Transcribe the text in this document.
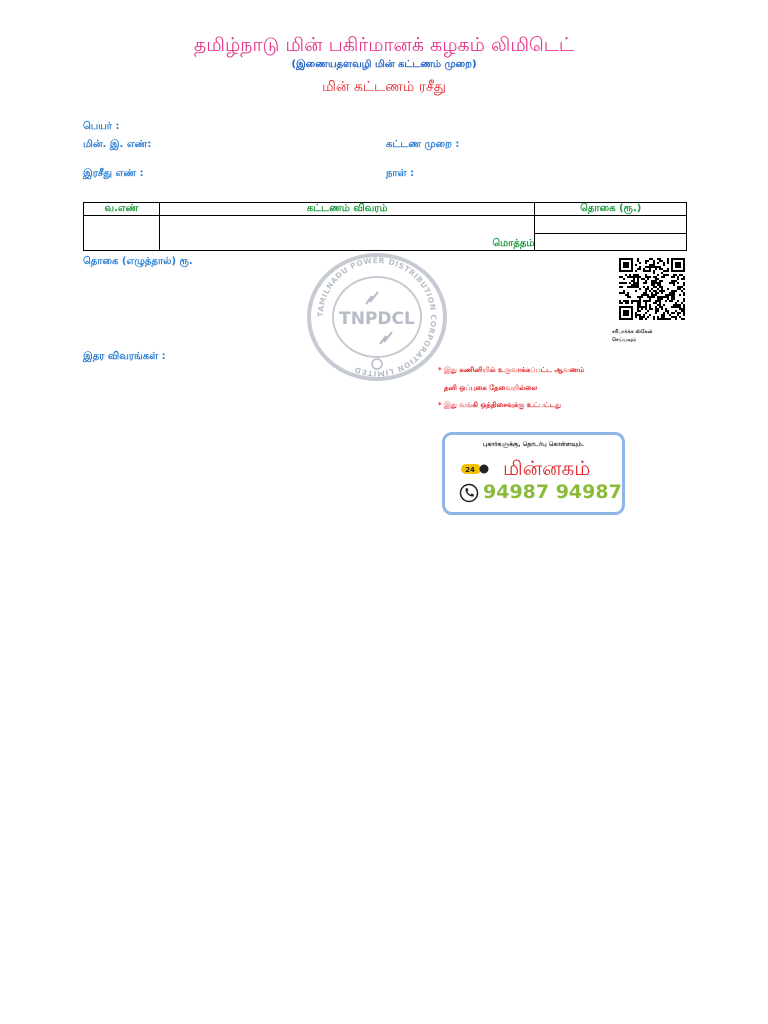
தமிழ்நாடு மின் பகிர்மானக் கழகம் லிமிடெட்
(இணையதளவழி மின் கட்டணம் முறை)
மின் கட்டணம் ரசீது
பெயர் :
மின். இ. எண்:	கட்டண முறை :
இரசீது எண் :	நாள் :
வ.எண்	கட்டணம் விவரம்	தொகை (ரூ.)
	மொத்தம்	

தொகை (எழுத்தால்) ரூ.
இதர விவரங்கள் :
TAMILNADU POWER DISTRIBUTION CORPORATION LIMITED
TNPDCL
சரிபார்க்க ஸ்கேன்
செய்யவும்
* இது கணினியில் உருவாக்கப்பட்ட ஆவணம்
தனி ஒப்புகை தேவையில்லை
* இது வங்கி ஒத்திசைவுக்கு உட்பட்டது
புகார்களுக்கு, தொடர்பு கொள்ளவும்.
24 மின்னகம்
94987 94987
